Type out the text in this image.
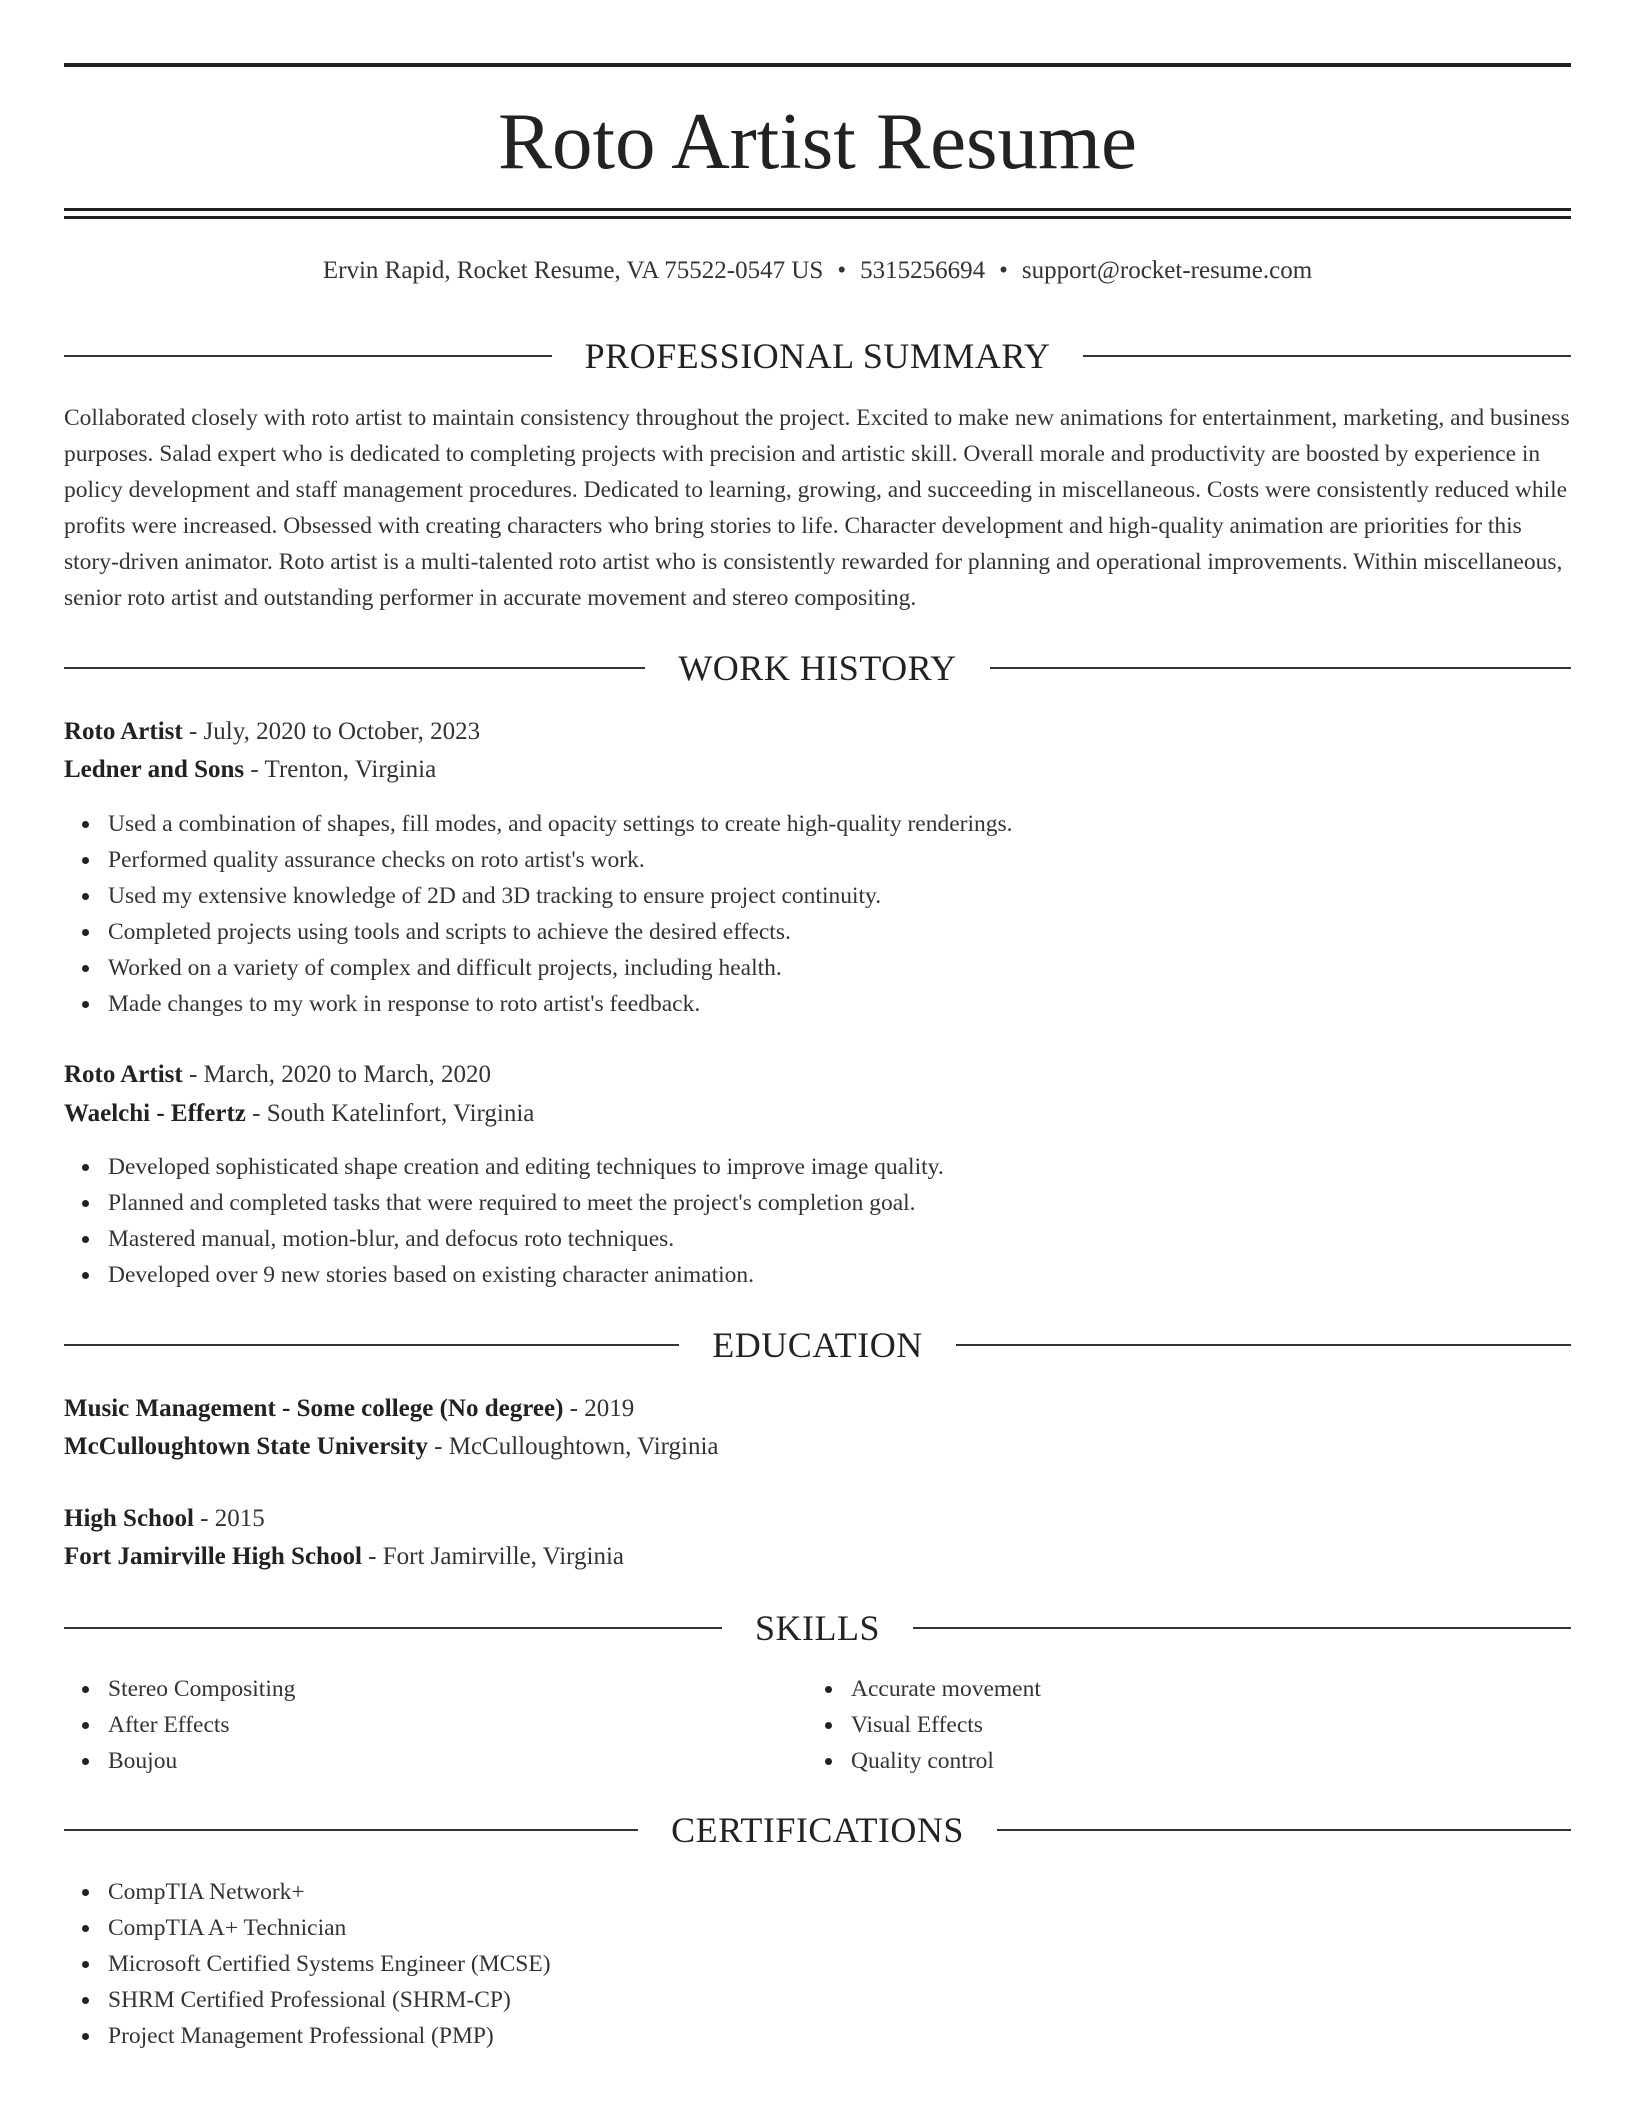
Roto Artist Resume
Ervin Rapid, Rocket Resume, VA 75522-0547 US • 5315256694 • support@rocket-resume.com
PROFESSIONAL SUMMARY

Collaborated closely with roto artist to maintain consistency throughout the project. Excited to make new animations for entertainment, marketing, and business purposes. Salad expert who is dedicated to completing projects with precision and artistic skill. Overall morale and productivity are boosted by experience in policy development and staff management procedures. Dedicated to learning, growing, and succeeding in miscellaneous. Costs were consistently reduced while profits were increased. Obsessed with creating characters who bring stories to life. Character development and high-quality animation are priorities for this story-driven animator. Roto artist is a multi-talented roto artist who is consistently rewarded for planning and operational improvements. Within miscellaneous, senior roto artist and outstanding performer in accurate movement and stereo compositing.

WORK HISTORY
Roto Artist - July, 2020 to October, 2023
Ledner and Sons - Trenton, Virginia
Used a combination of shapes, fill modes, and opacity settings to create high-quality renderings.
Performed quality assurance checks on roto artist's work.
Used my extensive knowledge of 2D and 3D tracking to ensure project continuity.
Completed projects using tools and scripts to achieve the desired effects.
Worked on a variety of complex and difficult projects, including health.
Made changes to my work in response to roto artist's feedback.
Roto Artist - March, 2020 to March, 2020
Waelchi - Effertz - South Katelinfort, Virginia
Developed sophisticated shape creation and editing techniques to improve image quality.
Planned and completed tasks that were required to meet the project's completion goal.
Mastered manual, motion-blur, and defocus roto techniques.
Developed over 9 new stories based on existing character animation.
EDUCATION
Music Management - Some college (No degree) - 2019
McCulloughtown State University - McCulloughtown, Virginia
High School - 2015
Fort Jamirville High School - Fort Jamirville, Virginia
SKILLS
Stereo Compositing
After Effects
Boujou
Accurate movement
Visual Effects
Quality control
CERTIFICATIONS
CompTIA Network+
CompTIA A+ Technician
Microsoft Certified Systems Engineer (MCSE)
SHRM Certified Professional (SHRM-CP)
Project Management Professional (PMP)
